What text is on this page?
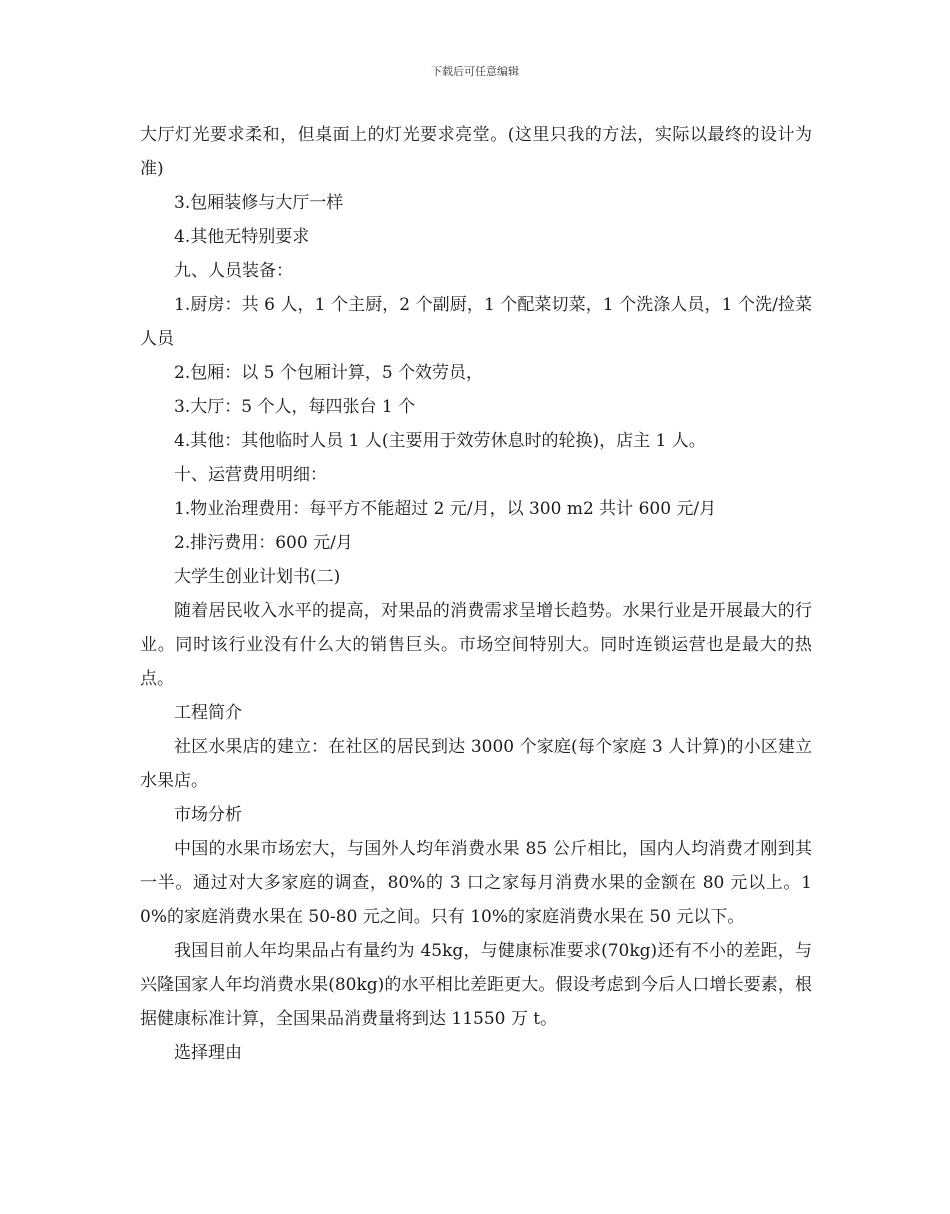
下载后可任意编辑

大厅灯光要求柔和，但桌面上的灯光要求亮堂。(这里只我的方法，实际以最终的设计为准)

3.包厢装修与大厅一样

4.其他无特别要求

九、人员装备：

1.厨房：共 6 人，1 个主厨，2 个副厨，1 个配菜切菜，1 个洗涤人员，1 个洗/捡菜人员

2.包厢：以 5 个包厢计算，5 个效劳员，

3.大厅：5 个人，每四张台 1 个

4.其他：其他临时人员 1 人(主要用于效劳休息时的轮换)，店主 1 人。

十、运营费用明细：

1.物业治理费用：每平方不能超过 2 元/月，以 300 m2 共计 600 元/月

2.排污费用：600 元/月

大学生创业计划书(二)

随着居民收入水平的提高，对果品的消费需求呈增长趋势。水果行业是开展最大的行业。同时该行业没有什么大的销售巨头。市场空间特别大。同时连锁运营也是最大的热点。

工程简介

社区水果店的建立：在社区的居民到达 3000 个家庭(每个家庭 3 人计算)的小区建立水果店。

市场分析

中国的水果市场宏大，与国外人均年消费水果 85 公斤相比，国内人均消费才刚到其一半。通过对大多家庭的调查，80%的 3 口之家每月消费水果的金额在 80 元以上。10%的家庭消费水果在 50-80 元之间。只有 10%的家庭消费水果在 50 元以下。

我国目前人年均果品占有量约为 45kg，与健康标准要求(70kg)还有不小的差距，与兴隆国家人年均消费水果(80kg)的水平相比差距更大。假设考虑到今后人口增长要素，根据健康标准计算，全国果品消费量将到达 11550 万 t。

选择理由
